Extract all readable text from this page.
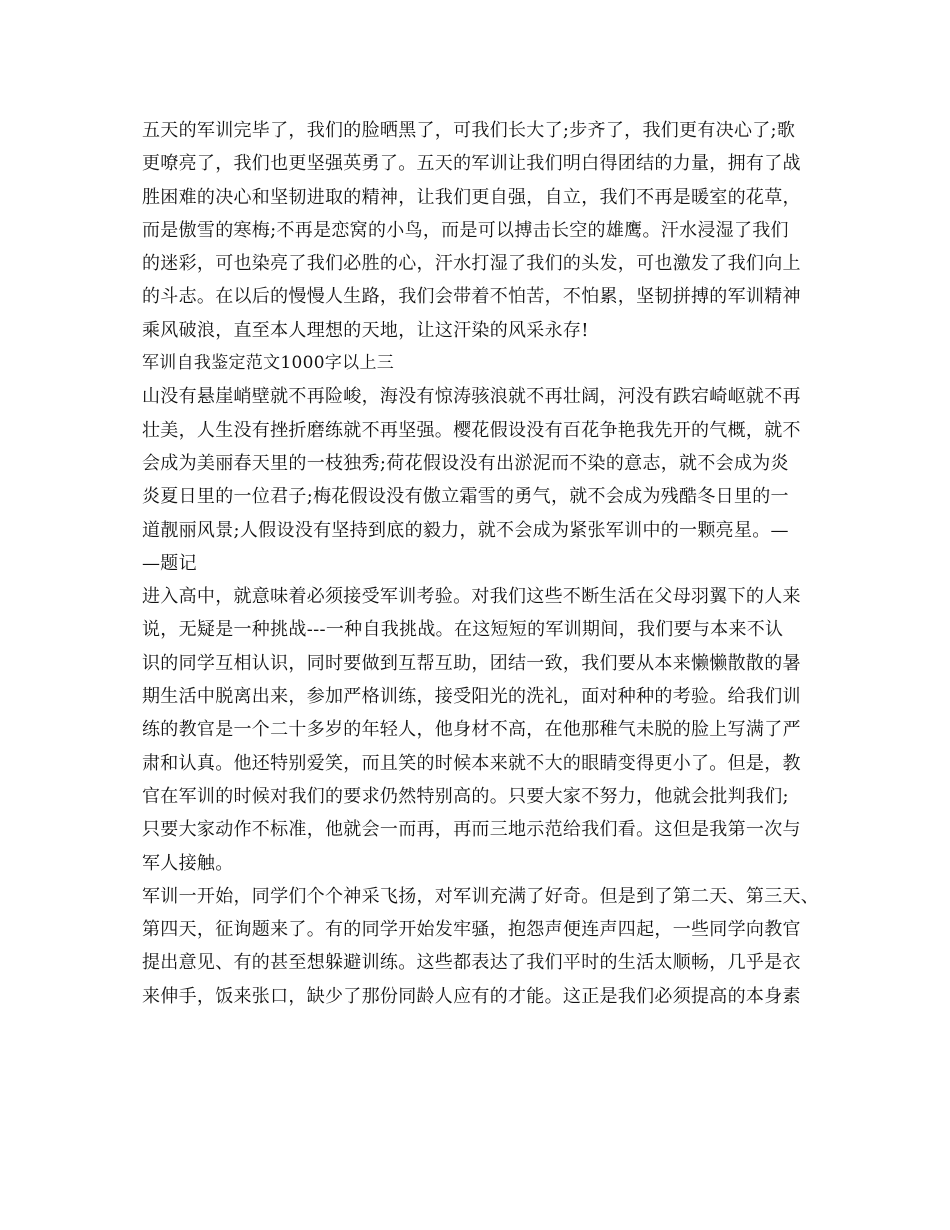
五天的军训完毕了，我们的脸晒黑了，可我们长大了;步齐了，我们更有决心了;歌
更嘹亮了，我们也更坚强英勇了。五天的军训让我们明白得团结的力量，拥有了战
胜困难的决心和坚韧进取的精神，让我们更自强，自立，我们不再是暖室的花草，
而是傲雪的寒梅;不再是恋窝的小鸟，而是可以搏击长空的雄鹰。汗水浸湿了我们
的迷彩，可也染亮了我们必胜的心，汗水打湿了我们的头发，可也激发了我们向上
的斗志。在以后的慢慢人生路，我们会带着不怕苦，不怕累，坚韧拼搏的军训精神
乘风破浪，直至本人理想的天地，让这汗染的风采永存!
军训自我鉴定范文1000字以上三
山没有悬崖峭壁就不再险峻，海没有惊涛骇浪就不再壮阔，河没有跌宕崎岖就不再
壮美，人生没有挫折磨练就不再坚强。樱花假设没有百花争艳我先开的气概，就不
会成为美丽春天里的一枝独秀;荷花假设没有出淤泥而不染的意志，就不会成为炎
炎夏日里的一位君子;梅花假设没有傲立霜雪的勇气，就不会成为残酷冬日里的一
道靓丽风景;人假设没有坚持到底的毅力，就不会成为紧张军训中的一颗亮星。—
—题记
进入高中，就意味着必须接受军训考验。对我们这些不断生活在父母羽翼下的人来
说，无疑是一种挑战---一种自我挑战。在这短短的军训期间，我们要与本来不认
识的同学互相认识，同时要做到互帮互助，团结一致，我们要从本来懒懒散散的暑
期生活中脱离出来，参加严格训练，接受阳光的洗礼，面对种种的考验。给我们训
练的教官是一个二十多岁的年轻人，他身材不高，在他那稚气未脱的脸上写满了严
肃和认真。他还特别爱笑，而且笑的时候本来就不大的眼睛变得更小了。但是，教
官在军训的时候对我们的要求仍然特别高的。只要大家不努力，他就会批判我们;
只要大家动作不标准，他就会一而再，再而三地示范给我们看。这但是我第一次与
军人接触。
军训一开始，同学们个个神采飞扬，对军训充满了好奇。但是到了第二天、第三天、
第四天，征询题来了。有的同学开始发牢骚，抱怨声便连声四起，一些同学向教官
提出意见、有的甚至想躲避训练。这些都表达了我们平时的生活太顺畅，几乎是衣
来伸手，饭来张口，缺少了那份同龄人应有的才能。这正是我们必须提高的本身素
